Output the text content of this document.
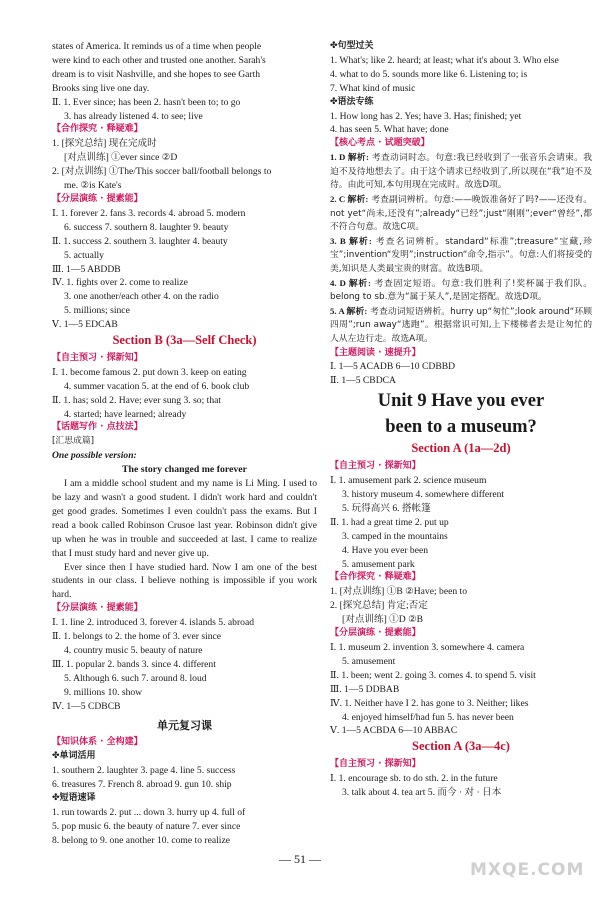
states of America. It reminds us of a time when people
were kind to each other and trusted one another. Sarah's
dream is to visit Nashville, and she hopes to see Garth
Brooks sing live one day.
Ⅱ. 1. Ever since; has been 2. hasn't been to; to go
3. has already listened 4. to see; live
【合作探究 · 释疑难】
1. [探究总结] 现在完成时
[对点训练] ①ever since ②D
2. [对点训练] ①The/This soccer ball/football belongs to
me. ②is Kate's
【分层演练 · 提素能】
Ⅰ. 1. forever 2. fans 3. records 4. abroad 5. modern
6. success 7. southern 8. laughter 9. beauty
Ⅱ. 1. success 2. southern 3. laughter 4. beauty
5. actually
Ⅲ. 1—5 ABDDB
Ⅳ. 1. fights over 2. come to realize
3. one another/each other 4. on the radio
5. millions; since
Ⅴ. 1—5 EDCAB
Section B (3a—Self Check)
【自主预习 · 探新知】
Ⅰ. 1. become famous 2. put down 3. keep on eating
4. summer vacation 5. at the end of 6. book club
Ⅱ. 1. has; sold 2. Have; ever sung 3. so; that
4. started; have learned; already
【话题写作 · 点技法】
[汇思成篇]
One possible version:
The story changed me forever
I am a middle school student and my name is Li Ming. I used to be lazy and wasn't a good student. I didn't work hard and couldn't get good grades. Sometimes I even couldn't pass the exams. But I read a book called Robinson Crusoe last year. Robinson didn't give up when he was in trouble and succeeded at last. I came to realize that I must study hard and never give up.
Ever since then I have studied hard. Now I am one of the best students in our class. I believe nothing is impossible if you work hard.
【分层演练 · 提素能】
Ⅰ. 1. line 2. introduced 3. forever 4. islands 5. abroad
Ⅱ. 1. belongs to 2. the home of 3. ever since
4. country music 5. beauty of nature
Ⅲ. 1. popular 2. bands 3. since 4. different
5. Although 6. such 7. around 8. loud
9. millions 10. show
Ⅳ. 1—5 CDBCB
单元复习课
【知识体系 · 全构建】
✤单词活用
1. southern 2. laughter 3. page 4. line 5. success
6. treasures 7. French 8. abroad 9. gun 10. ship
✤短语速译
1. run towards 2. put ... down 3. hurry up 4. full of
5. pop music 6. the beauty of nature 7. ever since
8. belong to 9. one another 10. come to realize
✤句型过关
1. What's; like 2. heard; at least; what it's about 3. Who else
4. what to do 5. sounds more like 6. Listening to; is
7. What kind of music
✤语法专练
1. How long has 2. Yes; have 3. Has; finished; yet
4. has seen 5. What have; done
【核心考点 · 试题突破】
1. D 解析: 考查动词时态。句意:我已经收到了一张音乐会请柬。我迫不及待地想去了。由于这个请求已经收到了,所以现在“我”迫不及待。由此可知,本句用现在完成时。故选D项。
2. C 解析: 考查副词辨析。句意:——晚饭准备好了吗?——还没有。not yet“尚未,还没有”;already“已经”;just“刚刚”;ever“曾经”,都不符合句意。故选C项。
3. B 解析: 考查名词辨析。standard“标准”;treasure“宝藏,珍宝”;invention“发明”;instruction“命令,指示”。句意:人们将接受的美,知识是人类最宝贵的财富。故选B项。
4. D 解析: 考查固定短语。句意:我们胜利了!奖杯属于我们队。belong to sb.意为“属于某人”,是固定搭配。故选D项。
5. A 解析: 考查动词短语辨析。hurry up“匆忙”;look around“环顾四周”;run away“逃跑”。根据常识可知,上下楼梯者去是让匆忙的人从左边行走。故选A项。
【主题阅读 · 速提升】
Ⅰ. 1—5 ACADB 6—10 CDBBD
Ⅱ. 1—5 CBDCA
Unit 9 Have you ever
been to a museum?
Section A (1a—2d)
【自主预习 · 探新知】
Ⅰ. 1. amusement park 2. science museum
3. history museum 4. somewhere different
5. 玩得高兴 6. 搭帐篷
Ⅱ. 1. had a great time 2. put up
3. camped in the mountains
4. Have you ever been
5. amusement park
【合作探究 · 释疑难】
1. [对点训练] ①B ②Have; been to
2. [探究总结] 肯定;否定
[对点训练] ①D ②B
【分层演练 · 提素能】
Ⅰ. 1. museum 2. invention 3. somewhere 4. camera
5. amusement
Ⅱ. 1. been; went 2. going 3. comes 4. to spend 5. visit
Ⅲ. 1—5 DDBAB
Ⅳ. 1. Neither have I 2. has gone to 3. Neither; likes
4. enjoyed himself/had fun 5. has never been
Ⅴ. 1—5 ACBDA 6—10 ABBAC
Section A (3a—4c)
【自主预习 · 探新知】
Ⅰ. 1. encourage sb. to do sth. 2. in the future
3. talk about 4. tea art 5. 而今 · 对 · 日本
— 51 —
MXQE.COM
